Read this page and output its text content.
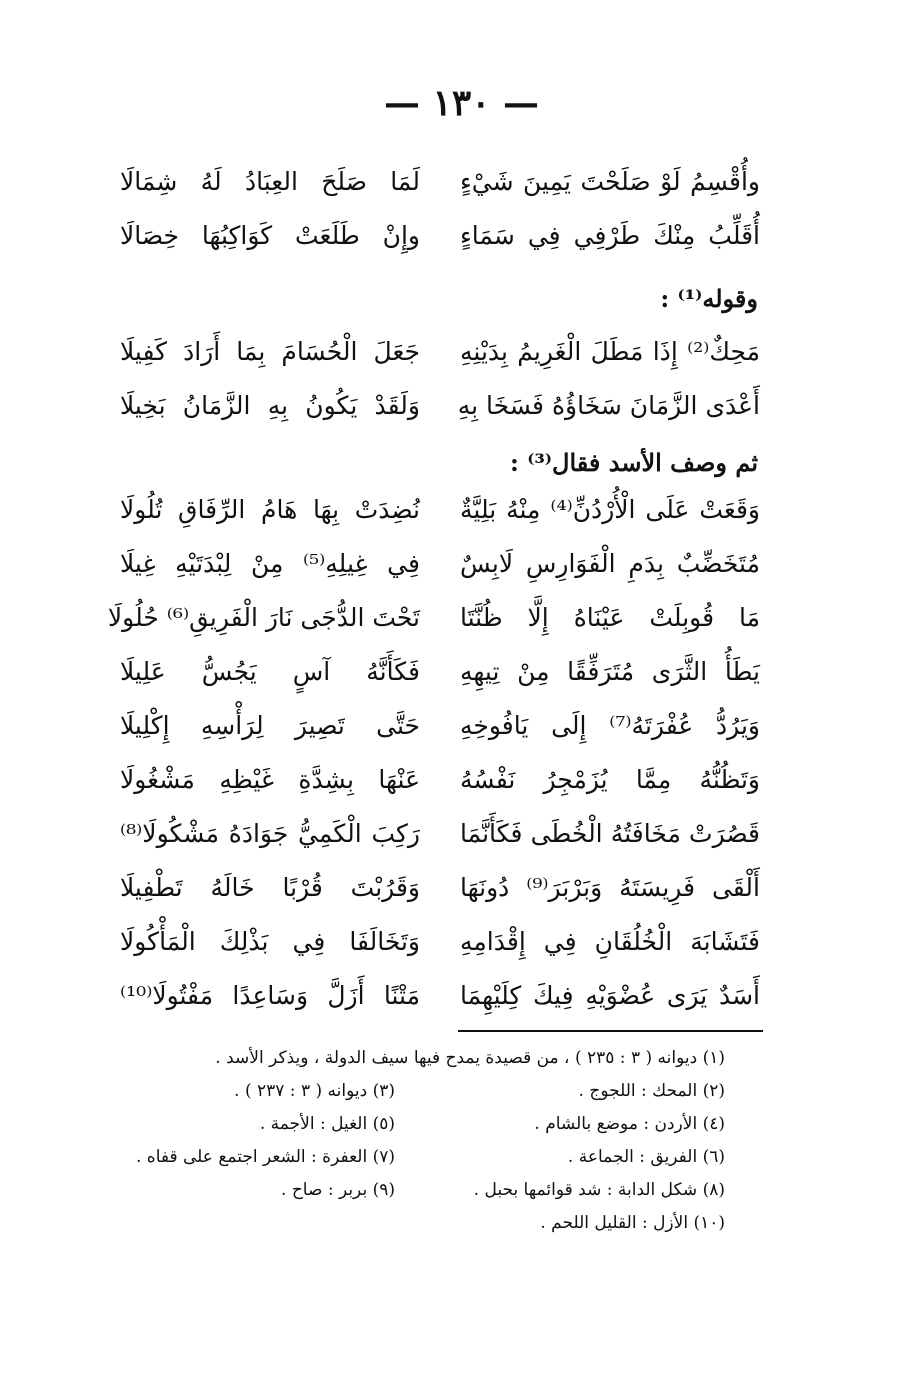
— ١٣٠ —
وأُقْسِمُ لَوْ صَلَحْتَ يَمِينَ شَيْءٍ
لَمَا صَلَحَ العِبَادُ لَهُ شِمَالَا
أُقَلِّبُ مِنْكَ طَرْفِي فِي سَمَاءٍ
وإِنْ طَلَعَتْ كَوَاكِبُهَا خِصَالَا
وقوله⁽¹⁾ :
مَحِكٌ⁽²⁾ إِذَا مَطَلَ الْغَرِيمُ بِدَيْنِهِ
جَعَلَ الْحُسَامَ بِمَا أَرَادَ كَفِيلَا
أَعْدَى الزَّمَانَ سَخَاؤُهُ فَسَخَا بِهِ
وَلَقَدْ يَكُونُ بِهِ الزَّمَانُ بَخِيلَا
ثم وصف الأسد فقال⁽³⁾ :
وَقَعَتْ عَلَى الْأُرْدُنِّ⁽⁴⁾ مِنْهُ بَلِيَّةٌ
نُضِدَتْ بِهَا هَامُ الرِّفَاقِ تُلُولَا
مُتَخَضِّبٌ بِدَمِ الْفَوَارِسِ لَابِسٌ
فِي غِيلِهِ⁽⁵⁾ مِنْ لِبْدَتَيْهِ غِيلَا
مَا قُوبِلَتْ عَيْنَاهُ إِلَّا ظُنَّتَا
تَحْتَ الدُّجَى نَارَ الْفَرِيقِ⁽⁶⁾ حُلُولَا
يَطَأُ الثَّرَى مُتَرَفِّقًا مِنْ تِيهِهِ
فَكَأَنَّهُ آسٍ يَجُسُّ عَلِيلَا
وَيَرُدُّ عُفْرَتَهُ⁽⁷⁾ إِلَى يَافُوخِهِ
حَتَّى تَصِيرَ لِرَأْسِهِ إِكْلِيلَا
وَتَظُنُّهُ مِمَّا يُزَمْجِرُ نَفْسُهُ
عَنْهَا بِشِدَّةِ غَيْظِهِ مَشْغُولَا
قَصُرَتْ مَخَافَتُهُ الْخُطَى فَكَأَنَّمَا
رَكِبَ الْكَمِيُّ جَوَادَهُ مَشْكُولَا⁽⁸⁾
أَلْقَى فَرِيسَتَهُ وَبَرْبَرَ⁽⁹⁾ دُونَهَا
وَقَرُبْتَ قُرْبًا خَالَهُ تَطْفِيلَا
فَتَشَابَهَ الْخُلُقَانِ فِي إِقْدَامِهِ
وَتَخَالَفَا فِي بَذْلِكَ الْمَأْكُولَا
أَسَدٌ يَرَى عُضْوَيْهِ فِيكَ كِلَيْهِمَا
مَتْنًا أَزَلَّ وَسَاعِدًا مَفْتُولَا⁽¹⁰⁾
(١) ديوانه ( ٣ : ٢٣٥ ) ، من قصيدة يمدح فيها سيف الدولة ، ويذكر الأسد .
(٢) المحك : اللجوج .
(٣) ديوانه ( ٣ : ٢٣٧ ) .
(٤) الأردن : موضع بالشام .
(٥) الغيل : الأجمة .
(٦) الفريق : الجماعة .
(٧) العفرة : الشعر اجتمع على قفاه .
(٨) شكل الدابة : شد قوائمها بحبل .
(٩) بربر : صاح .
(١٠) الأزل : القليل اللحم .
